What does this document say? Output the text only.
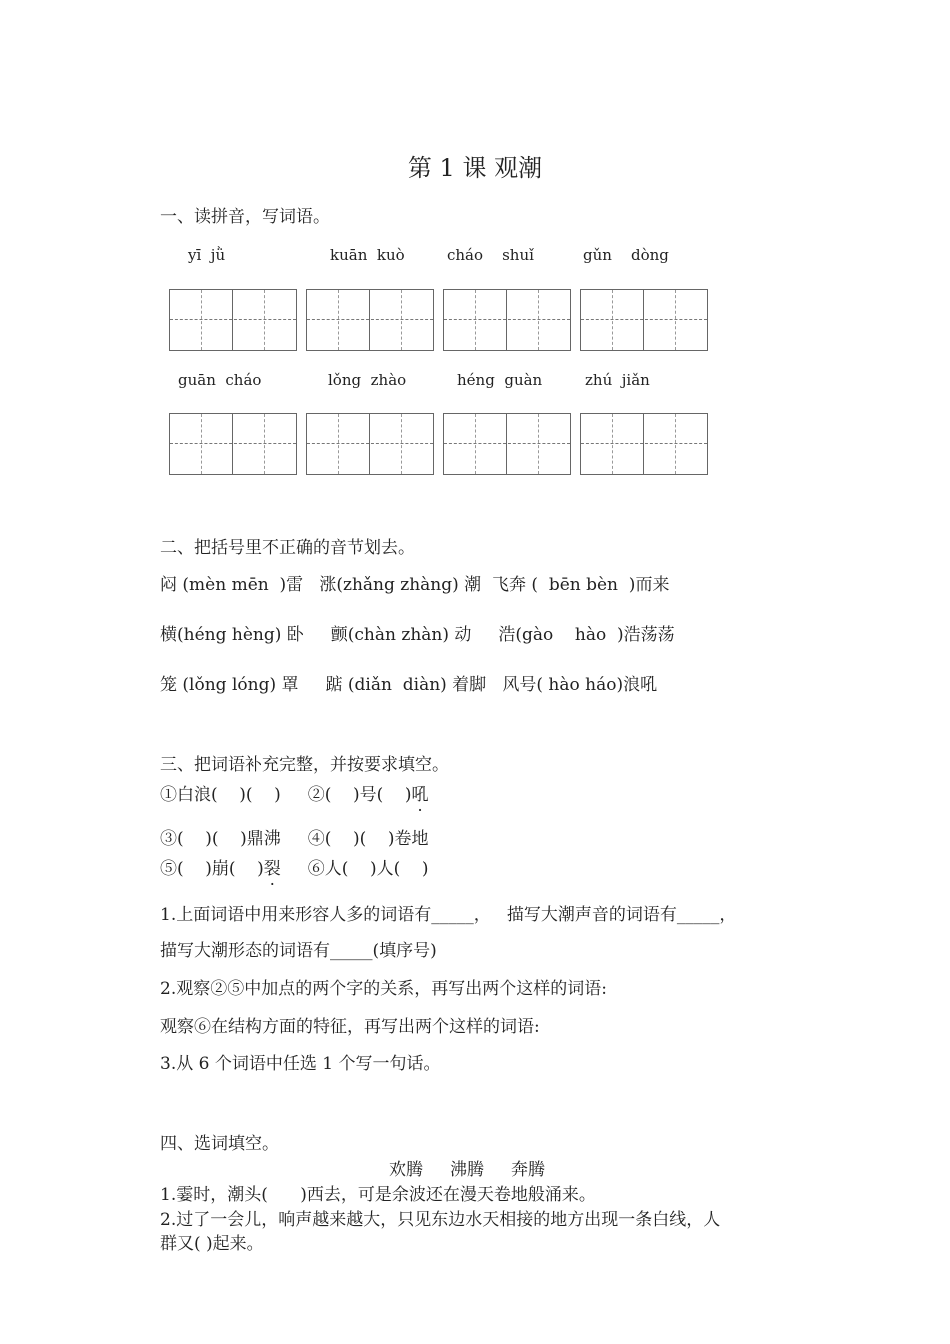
第 1 课 观潮
一、读拼音，写词语。
yī  jǜ	kuān  kuò	cháo    shuǐ	gǔn    dòng
guān  cháo	lǒng  zhào	héng  guàn	zhú  jiǎn
二、把括号里不正确的音节划去。
闷 (mèn mēn  )雷   涨(zhǎng zhàng) 潮  飞奔 (  bēn bèn  )而来
横(héng hèng) 卧     颤(chàn zhàn) 动     浩(gào    hào  )浩荡荡
笼 (lǒng lóng) 罩     踮 (diǎn  diàn) 着脚   风号( hào háo)浪吼
三、把词语补充完整，并按要求填空。
①白浪(    )(    )     ②(    )号(    )吼
③(    )(    )鼎沸     ④(    )(    )卷地
⑤(    )崩(    )裂     ⑥人(    )人(    )
1.上面词语中用来形容人多的词语有_____，   描写大潮声音的词语有_____，
描写大潮形态的词语有_____(填序号)
2.观察②⑤中加点的两个字的关系，再写出两个这样的词语:
观察⑥在结构方面的特征，再写出两个这样的词语:
3.从 6 个词语中任选 1 个写一句话。
四、选词填空。
欢腾     沸腾     奔腾
1.霎时，潮头(      )西去，可是余波还在漫天卷地般涌来。
2.过了一会儿，响声越来越大，只见东边水天相接的地方出现一条白线，人
群又( )起来。
